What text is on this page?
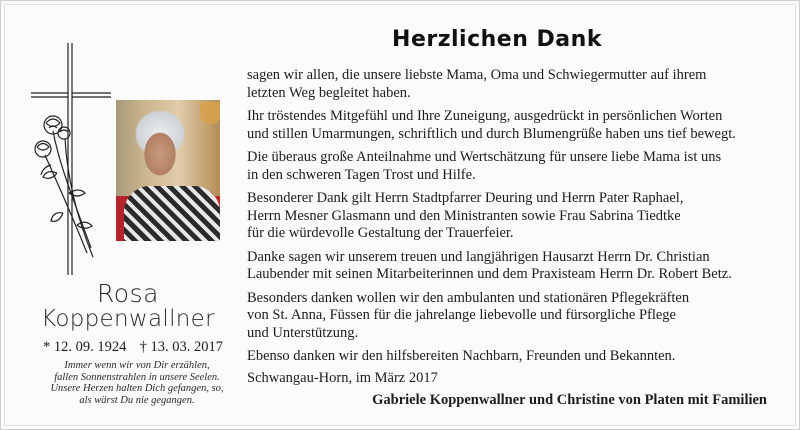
Rosa
Koppenwallner
* 12. 09. 1924 † 13. 03. 2017
Immer wenn wir von Dir erzählen,
fallen Sonnenstrahlen in unsere Seelen.
Unsere Herzen halten Dich gefangen, so,
als wärst Du nie gegangen.
Herzlichen Dank

sagen wir allen, die unsere liebste Mama, Oma und Schwiegermutter auf ihrem
letzten Weg begleitet haben.

Ihr tröstendes Mitgefühl und Ihre Zuneigung, ausgedrückt in persönlichen Worten
und stillen Umarmungen, schriftlich und durch Blumengrüße haben uns tief bewegt.

Die überaus große Anteilnahme und Wertschätzung für unsere liebe Mama ist uns
in den schweren Tagen Trost und Hilfe.

Besonderer Dank gilt Herrn Stadtpfarrer Deuring und Herrn Pater Raphael,
Herrn Mesner Glasmann und den Ministranten sowie Frau Sabrina Tiedtke
für die würdevolle Gestaltung der Trauerfeier.

Danke sagen wir unserem treuen und langjährigen Hausarzt Herrn Dr. Christian
Laubender mit seinen Mitarbeiterinnen und dem Praxisteam Herrn Dr. Robert Betz.

Besonders danken wollen wir den ambulanten und stationären Pflegekräften
von St. Anna, Füssen für die jahrelange liebevolle und fürsorgliche Pflege
und Unterstützung.

Ebenso danken wir den hilfsbereiten Nachbarn, Freunden und Bekannten.

Schwangau-Horn, im März 2017
Gabriele Koppenwallner und Christine von Platen mit Familien
